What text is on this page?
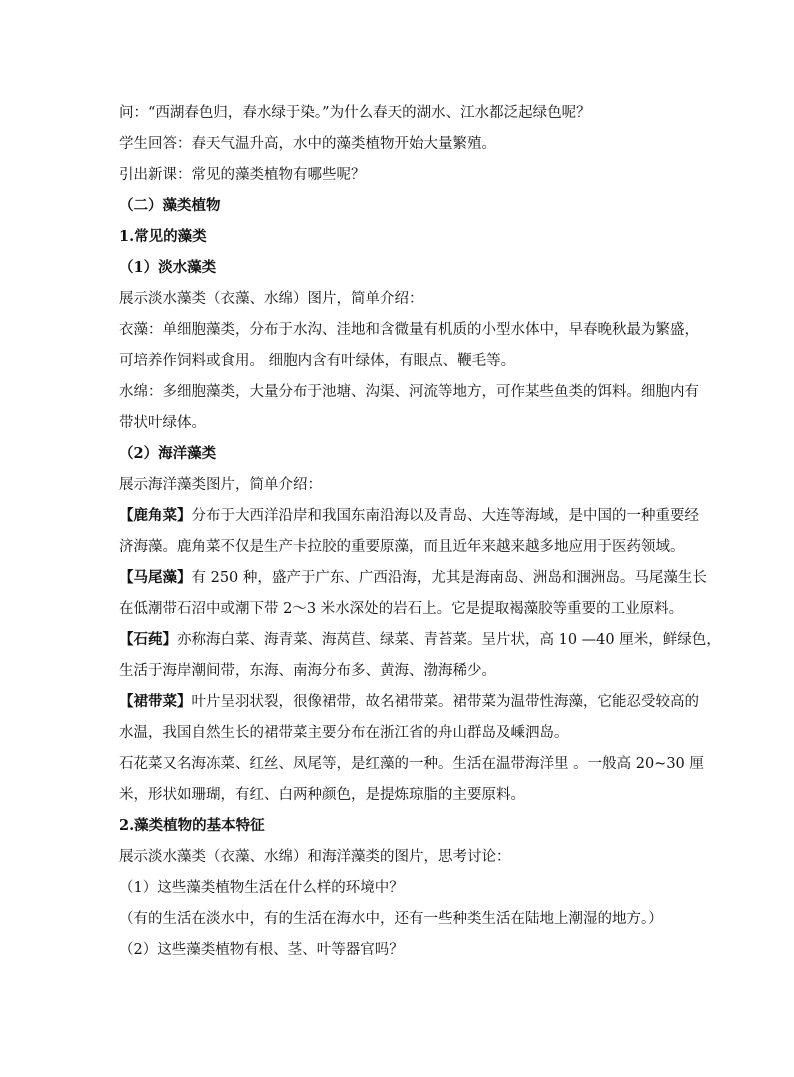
问：“西湖春色归，春水绿于染。”为什么春天的湖水、江水都泛起绿色呢？
学生回答：春天气温升高，水中的藻类植物开始大量繁殖。
引出新课：常见的藻类植物有哪些呢？
（二）藻类植物
1.常见的藻类
（1）淡水藻类
展示淡水藻类（衣藻、水绵）图片，简单介绍：
衣藻：单细胞藻类，分布于水沟、洼地和含微量有机质的小型水体中，早春晚秋最为繁盛，
可培养作饲料或食用。 细胞内含有叶绿体，有眼点、鞭毛等。
水绵：多细胞藻类，大量分布于池塘、沟渠、河流等地方，可作某些鱼类的饵料。细胞内有
带状叶绿体。
（2）海洋藻类
展示海洋藻类图片，简单介绍：
【鹿角菜】分布于大西洋沿岸和我国东南沿海以及青岛、大连等海域，是中国的一种重要经
济海藻。鹿角菜不仅是生产卡拉胶的重要原藻，而且近年来越来越多地应用于医药领域。
【马尾藻】有 250 种，盛产于广东、广西沿海，尤其是海南岛、洲岛和涠洲岛。马尾藻生长
在低潮带石沼中或潮下带 2～3 米水深处的岩石上。它是提取褐藻胶等重要的工业原料。
【石莼】亦称海白菜、海青菜、海莴苣、绿菜、青苔菜。呈片状，高 10 —40 厘米，鲜绿色，
生活于海岸潮间带，东海、南海分布多、黄海、渤海稀少。
【裙带菜】叶片呈羽状裂，很像裙带，故名裙带菜。裙带菜为温带性海藻，它能忍受较高的
水温，我国自然生长的裙带菜主要分布在浙江省的舟山群岛及嵊泗岛。
石花菜又名海冻菜、红丝、凤尾等，是红藻的一种。生活在温带海洋里 。一般高 20~30 厘
米，形状如珊瑚，有红、白两种颜色，是提炼琼脂的主要原料。
2.藻类植物的基本特征
展示淡水藻类（衣藻、水绵）和海洋藻类的图片，思考讨论：
（1）这些藻类植物生活在什么样的环境中？
（有的生活在淡水中，有的生活在海水中，还有一些种类生活在陆地上潮湿的地方。）
（2）这些藻类植物有根、茎、叶等器官吗？
